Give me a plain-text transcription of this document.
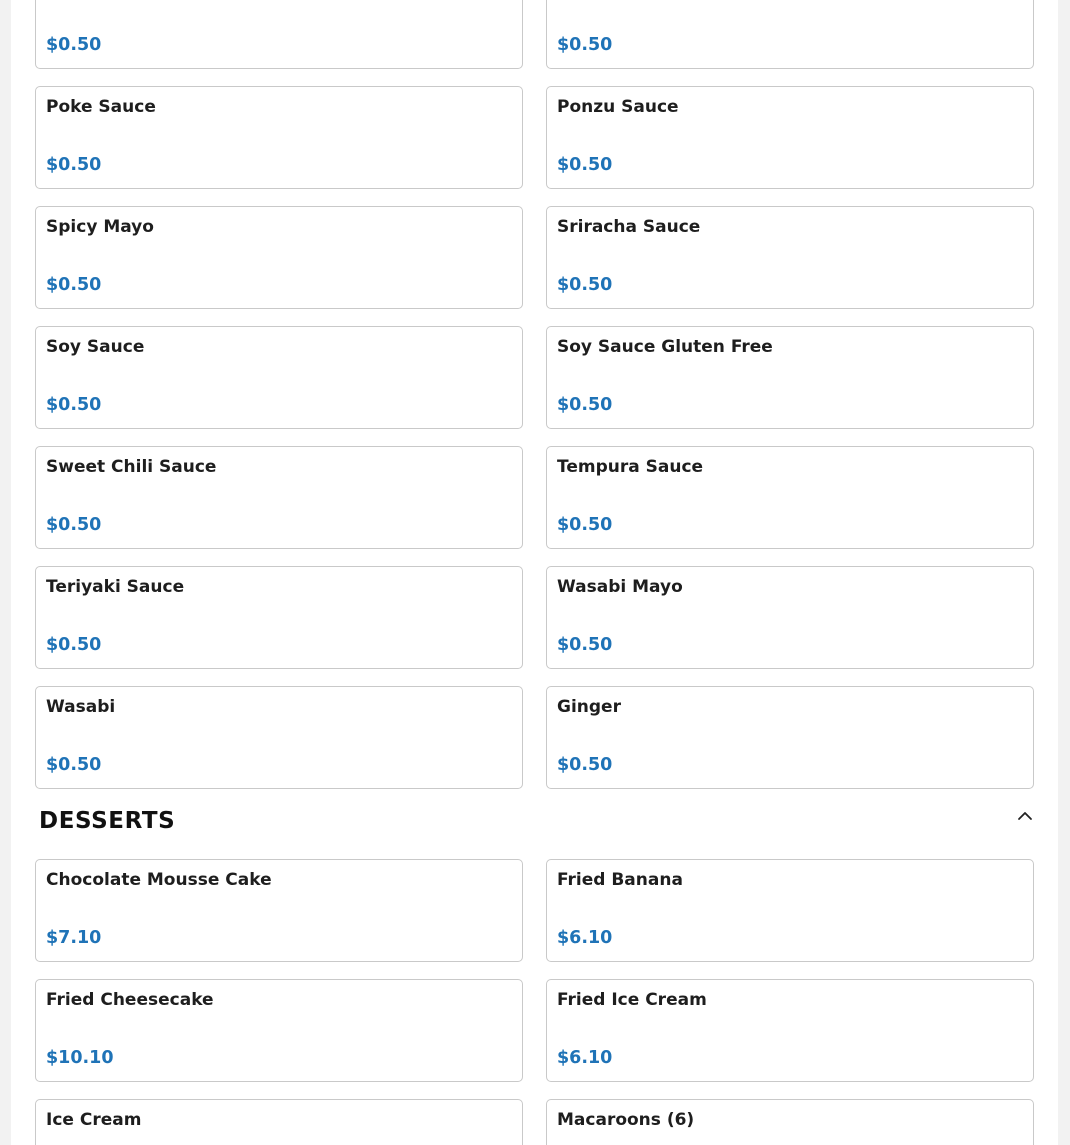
$0.50	$0.50
Poke Sauce
$0.50
Ponzu Sauce
$0.50
Spicy Mayo
$0.50
Sriracha Sauce
$0.50
Soy Sauce
$0.50
Soy Sauce Gluten Free
$0.50
Sweet Chili Sauce
$0.50
Tempura Sauce
$0.50
Teriyaki Sauce
$0.50
Wasabi Mayo
$0.50
Wasabi
$0.50
Ginger
$0.50
DESSERTS
Chocolate Mousse Cake
$7.10
Fried Banana
$6.10
Fried Cheesecake
$10.10
Fried Ice Cream
$6.10
Ice Cream	Macaroons (6)
